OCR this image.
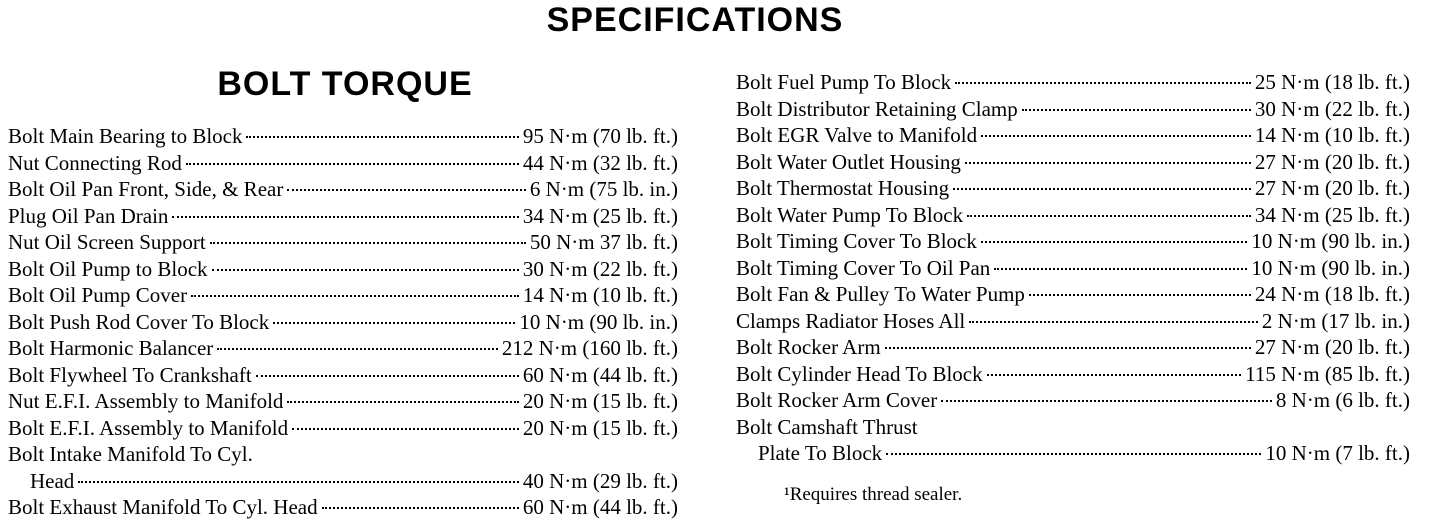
SPECIFICATIONS
BOLT TORQUE
Bolt Main Bearing to Block	95 N·m (70 lb. ft.)
Nut Connecting Rod	44 N·m (32 lb. ft.)
Bolt Oil Pan Front, Side, & Rear	6 N·m (75 lb. in.)
Plug Oil Pan Drain	34 N·m (25 lb. ft.)
Nut Oil Screen Support	50 N·m 37 lb. ft.)
Bolt Oil Pump to Block	30 N·m (22 lb. ft.)
Bolt Oil Pump Cover	14 N·m (10 lb. ft.)
Bolt Push Rod Cover To Block	10 N·m (90 lb. in.)
Bolt Harmonic Balancer	212 N·m (160 lb. ft.)
Bolt Flywheel To Crankshaft	60 N·m (44 lb. ft.)
Nut E.F.I. Assembly to Manifold	20 N·m (15 lb. ft.)
Bolt E.F.I. Assembly to Manifold	20 N·m (15 lb. ft.)
Bolt Intake Manifold To Cyl.
Head	40 N·m (29 lb. ft.)
Bolt Exhaust Manifold To Cyl. Head	60 N·m (44 lb. ft.)
Bolt Fuel Pump To Block	25 N·m (18 lb. ft.)
Bolt Distributor Retaining Clamp	30 N·m (22 lb. ft.)
Bolt EGR Valve to Manifold	14 N·m (10 lb. ft.)
Bolt Water Outlet Housing	27 N·m (20 lb. ft.)
Bolt Thermostat Housing	27 N·m (20 lb. ft.)
Bolt Water Pump To Block	34 N·m (25 lb. ft.)
Bolt Timing Cover To Block	10 N·m (90 lb. in.)
Bolt Timing Cover To Oil Pan	10 N·m (90 lb. in.)
Bolt Fan & Pulley To Water Pump	24 N·m (18 lb. ft.)
Clamps Radiator Hoses All	2 N·m (17 lb. in.)
Bolt Rocker Arm	27 N·m (20 lb. ft.)
Bolt Cylinder Head To Block	115 N·m (85 lb. ft.)
Bolt Rocker Arm Cover	8 N·m (6 lb. ft.)
Bolt Camshaft Thrust
Plate To Block	10 N·m (7 lb. ft.)
¹Requires thread sealer.
